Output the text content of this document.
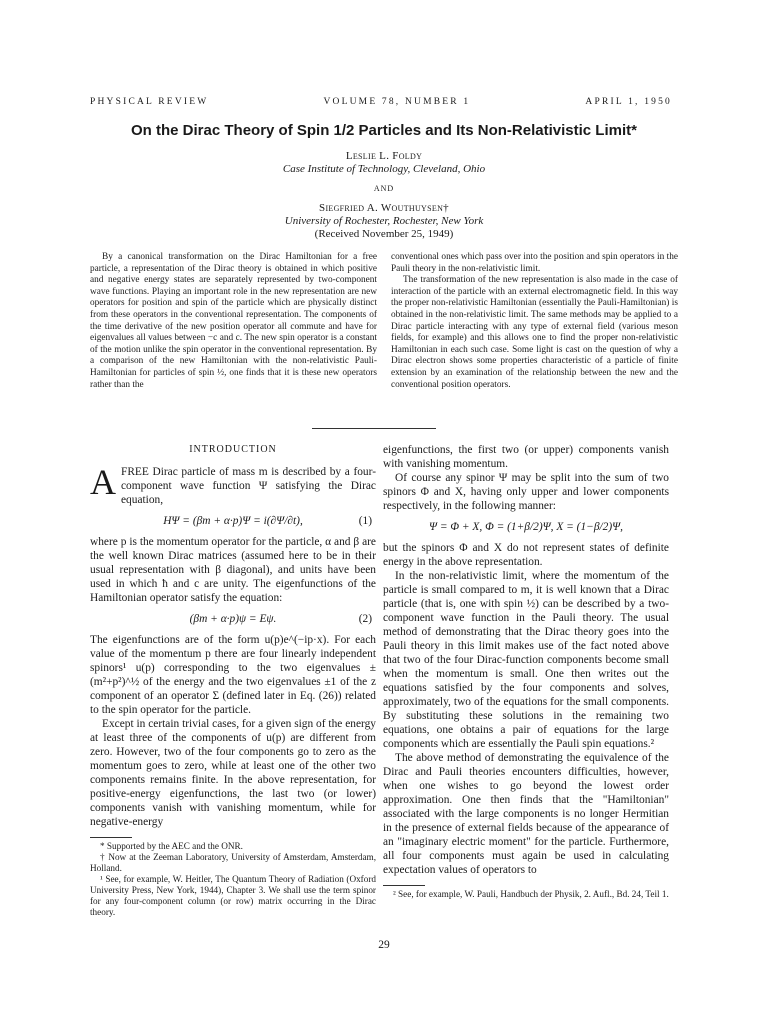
PHYSICAL REVIEW	VOLUME 78, NUMBER 1	APRIL 1, 1950
On the Dirac Theory of Spin 1/2 Particles and Its Non-Relativistic Limit*
Leslie L. Foldy
Case Institute of Technology, Cleveland, Ohio
AND
Siegfried A. Wouthuysen†
University of Rochester, Rochester, New York
(Received November 25, 1949)

By a canonical transformation on the Dirac Hamiltonian for a free particle, a representation of the Dirac theory is obtained in which positive and negative energy states are separately represented by two-component wave functions. Playing an important role in the new representation are new operators for position and spin of the particle which are physically distinct from these operators in the conventional representation. The components of the time derivative of the new position operator all commute and have for eigenvalues all values between −c and c. The new spin operator is a constant of the motion unlike the spin operator in the conventional representation. By a comparison of the new Hamiltonian with the non-relativistic Pauli-Hamiltonian for particles of spin ½, one finds that it is these new operators rather than the

conventional ones which pass over into the position and spin operators in the Pauli theory in the non-relativistic limit.

The transformation of the new representation is also made in the case of interaction of the particle with an external electromagnetic field. In this way the proper non-relativistic Hamiltonian (essentially the Pauli-Hamiltonian) is obtained in the non-relativistic limit. The same methods may be applied to a Dirac particle interacting with any type of external field (various meson fields, for example) and this allows one to find the proper non-relativistic Hamiltonian in each such case. Some light is cast on the question of why a Dirac electron shows some properties characteristic of a particle of finite extension by an examination of the relationship between the new and the conventional position operators.

INTRODUCTION

AFREE Dirac particle of mass m is described by a four-component wave function Ψ satisfying the Dirac equation,

HΨ = (βm + α·p)Ψ = i(∂Ψ/∂t),	(1)

where p is the momentum operator for the particle, α and β are the well known Dirac matrices (assumed here to be in their usual representation with β diagonal), and units have been used in which ħ and c are unity. The eigenfunctions of the Hamiltonian operator satisfy the equation:

(βm + α·p)ψ = Eψ.	(2)

The eigenfunctions are of the form u(p)e^(−ip·x). For each value of the momentum p there are four linearly independent spinors¹ u(p) corresponding to the two eigenvalues ±(m²+p²)^½ of the energy and the two eigenvalues ±1 of the z component of an operator Σ (defined later in Eq. (26)) related to the spin operator for the particle.

Except in certain trivial cases, for a given sign of the energy at least three of the components of u(p) are different from zero. However, two of the four components go to zero as the momentum goes to zero, while at least one of the other two components remains finite. In the above representation, for positive-energy eigenfunctions, the last two (or lower) components vanish with vanishing momentum, while for negative-energy

* Supported by the AEC and the ONR.

† Now at the Zeeman Laboratory, University of Amsterdam, Amsterdam, Holland.

¹ See, for example, W. Heitler, The Quantum Theory of Radiation (Oxford University Press, New York, 1944), Chapter 3. We shall use the term spinor for any four-component column (or row) matrix occurring in the Dirac theory.

eigenfunctions, the first two (or upper) components vanish with vanishing momentum.

Of course any spinor Ψ may be split into the sum of two spinors Φ and X, having only upper and lower components respectively, in the following manner:

Ψ = Φ + X, Φ = (1+β/2)Ψ, X = (1−β/2)Ψ,

but the spinors Φ and X do not represent states of definite energy in the above representation.

In the non-relativistic limit, where the momentum of the particle is small compared to m, it is well known that a Dirac particle (that is, one with spin ½) can be described by a two-component wave function in the Pauli theory. The usual method of demonstrating that the Dirac theory goes into the Pauli theory in this limit makes use of the fact noted above that two of the four Dirac-function components become small when the momentum is small. One then writes out the equations satisfied by the four components and solves, approximately, two of the equations for the small components. By substituting these solutions in the remaining two equations, one obtains a pair of equations for the large components which are essentially the Pauli spin equations.²

The above method of demonstrating the equivalence of the Dirac and Pauli theories encounters difficulties, however, when one wishes to go beyond the lowest order approximation. One then finds that the "Hamiltonian" associated with the large components is no longer Hermitian in the presence of external fields because of the appearance of an "imaginary electric moment" for the particle. Furthermore, all four components must again be used in calculating expectation values of operators to

² See, for example, W. Pauli, Handbuch der Physik, 2. Aufl., Bd. 24, Teil 1.

29
